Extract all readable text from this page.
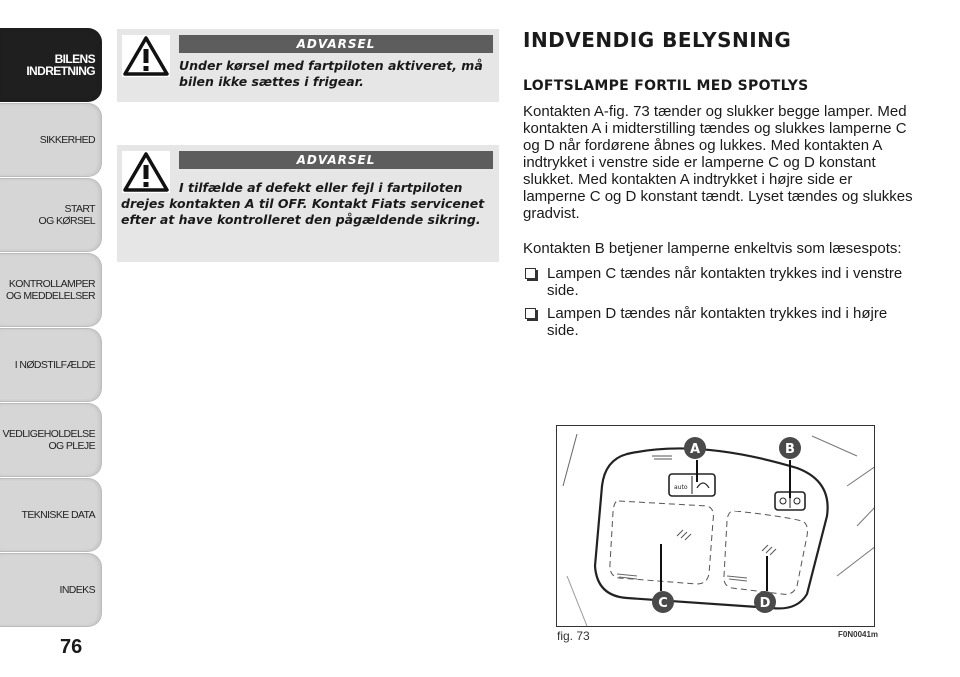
BILENS
INDRETNING
SIKKERHED
START
OG KØRSEL
KONTROLLAMPER
OG MEDDELELSER
I NØDSTILFÆLDE
VEDLIGEHOLDELSE
OG PLEJE
TEKNISKE DATA
INDEKS
76
ADVARSEL
Under kørsel med fartpiloten aktiveret, må bilen ikke sættes i frigear.
ADVARSEL
I tilfælde af defekt eller fejl i fartpiloten drejes kontakten A til OFF. Kontakt Fiats servicenet efter at have kontrolleret den pågældende sikring.
INDVENDIG BELYSNING
LOFTSLAMPE FORTIL MED SPOTLYS

Kontakten A-fig. 73 tænder og slukker begge lamper. Med kontakten A i midterstilling tændes og slukkes lamperne C og D når fordørene åbnes og lukkes. Med kontakten A indtrykket i venstre side er lamperne C og D konstant slukket. Med kontakten A indtrykket i højre side er lamperne C og D konstant tændt. Lyset tændes og slukkes gradvist.

Kontakten B betjener lamperne enkeltvis som læsespots:

Lampen C tændes når kontakten trykkes ind i venstre side.
Lampen D tændes når kontakten trykkes ind i højre side.
auto
A	B
C	D
fig. 73	F0N0041m
